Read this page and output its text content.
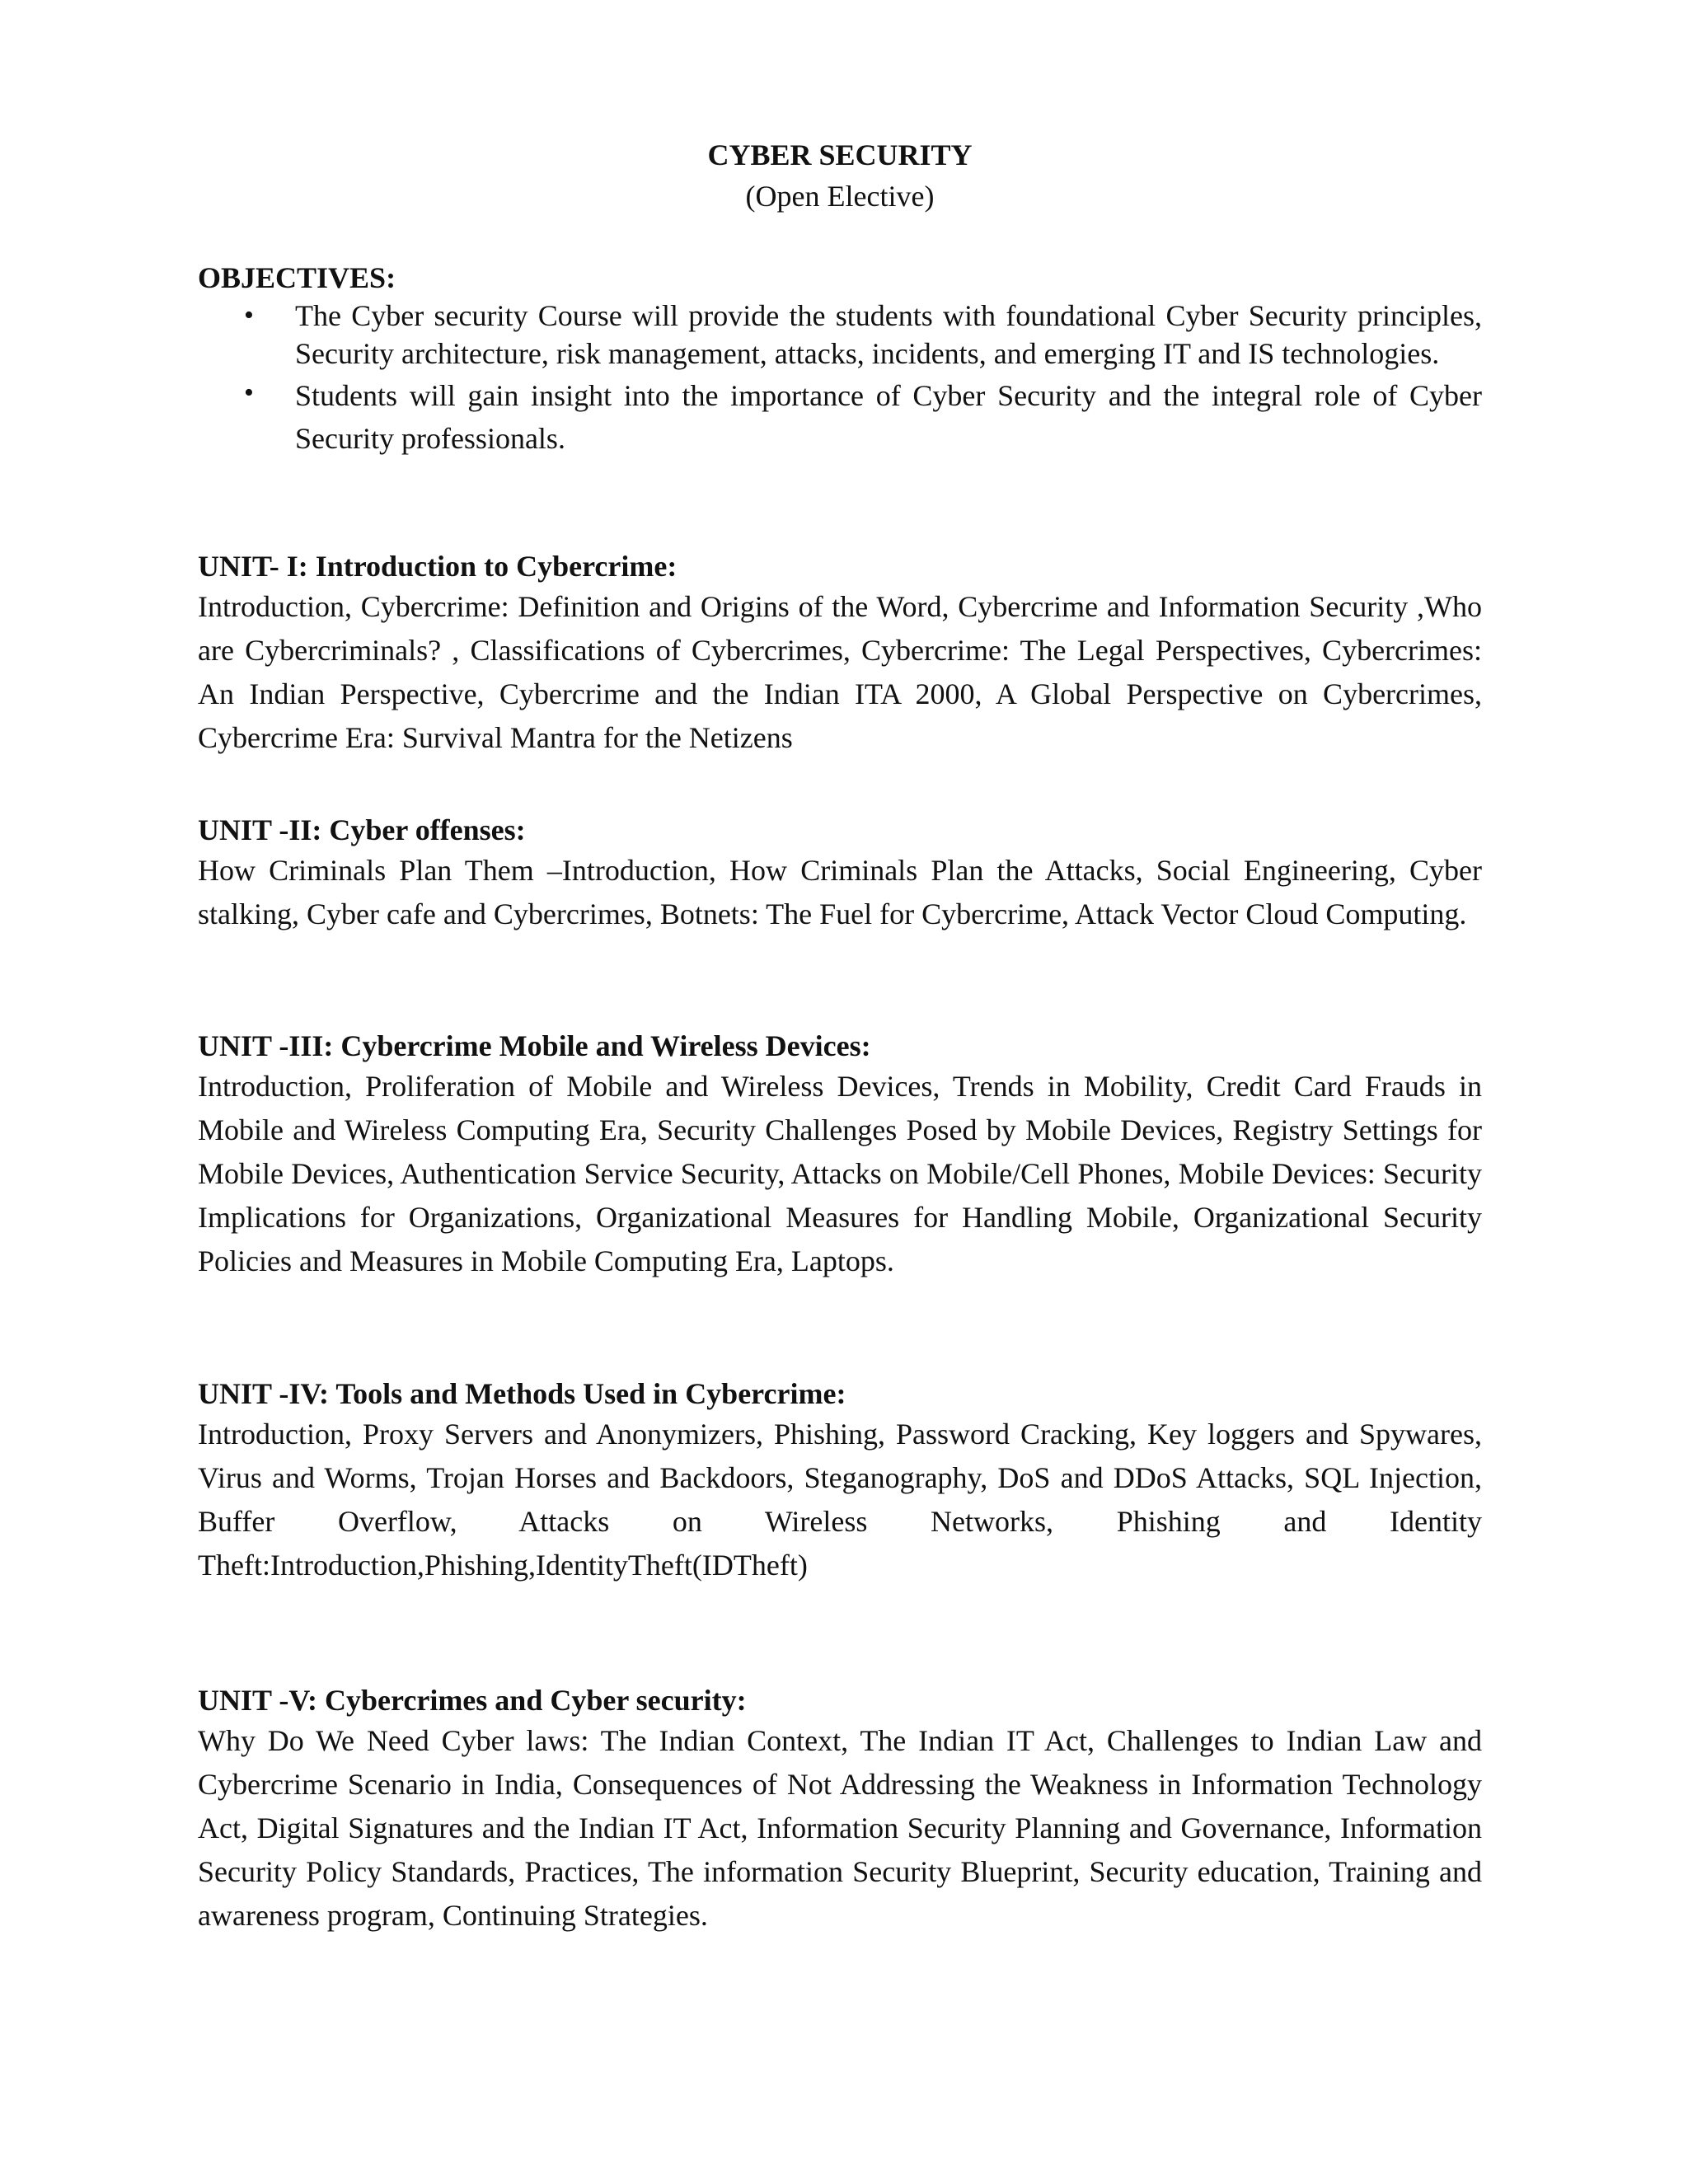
CYBER SECURITY

(Open Elective)

OBJECTIVES:

• The Cyber security Course will provide the students with foundational Cyber Security principles, Security architecture, risk management, attacks, incidents, and emerging IT and IS technologies.
• Students will gain insight into the importance of Cyber Security and the integral role of Cyber Security professionals.

UNIT- I: Introduction to Cybercrime:

Introduction, Cybercrime: Definition and Origins of the Word, Cybercrime and Information Security ,Who are Cybercriminals? , Classifications of Cybercrimes, Cybercrime: The Legal Perspectives, Cybercrimes: An Indian Perspective, Cybercrime and the Indian ITA 2000, A Global Perspective on Cybercrimes, Cybercrime Era: Survival Mantra for the Netizens

UNIT -II: Cyber offenses:

How Criminals Plan Them –Introduction, How Criminals Plan the Attacks, Social Engineering, Cyber stalking, Cyber cafe and Cybercrimes, Botnets: The Fuel for Cybercrime, Attack Vector Cloud Computing.

UNIT -III: Cybercrime Mobile and Wireless Devices:

Introduction, Proliferation of Mobile and Wireless Devices, Trends in Mobility, Credit Card Frauds in Mobile and Wireless Computing Era, Security Challenges Posed by Mobile Devices, Registry Settings for Mobile Devices, Authentication Service Security, Attacks on Mobile/Cell Phones, Mobile Devices: Security Implications for Organizations, Organizational Measures for Handling Mobile, Organizational Security Policies and Measures in Mobile Computing Era, Laptops.

UNIT -IV: Tools and Methods Used in Cybercrime:

Introduction, Proxy Servers and Anonymizers, Phishing, Password Cracking, Key loggers and Spywares, Virus and Worms, Trojan Horses and Backdoors, Steganography, DoS and DDoS Attacks, SQL Injection, Buffer Overflow, Attacks on Wireless Networks, Phishing and Identity Theft:Introduction,Phishing,IdentityTheft(IDTheft)

UNIT -V: Cybercrimes and Cyber security:

Why Do We Need Cyber laws: The Indian Context, The Indian IT Act, Challenges to Indian Law and Cybercrime Scenario in India, Consequences of Not Addressing the Weakness in Information Technology Act, Digital Signatures and the Indian IT Act, Information Security Planning and Governance, Information Security Policy Standards, Practices, The information Security Blueprint, Security education, Training and awareness program, Continuing Strategies.
